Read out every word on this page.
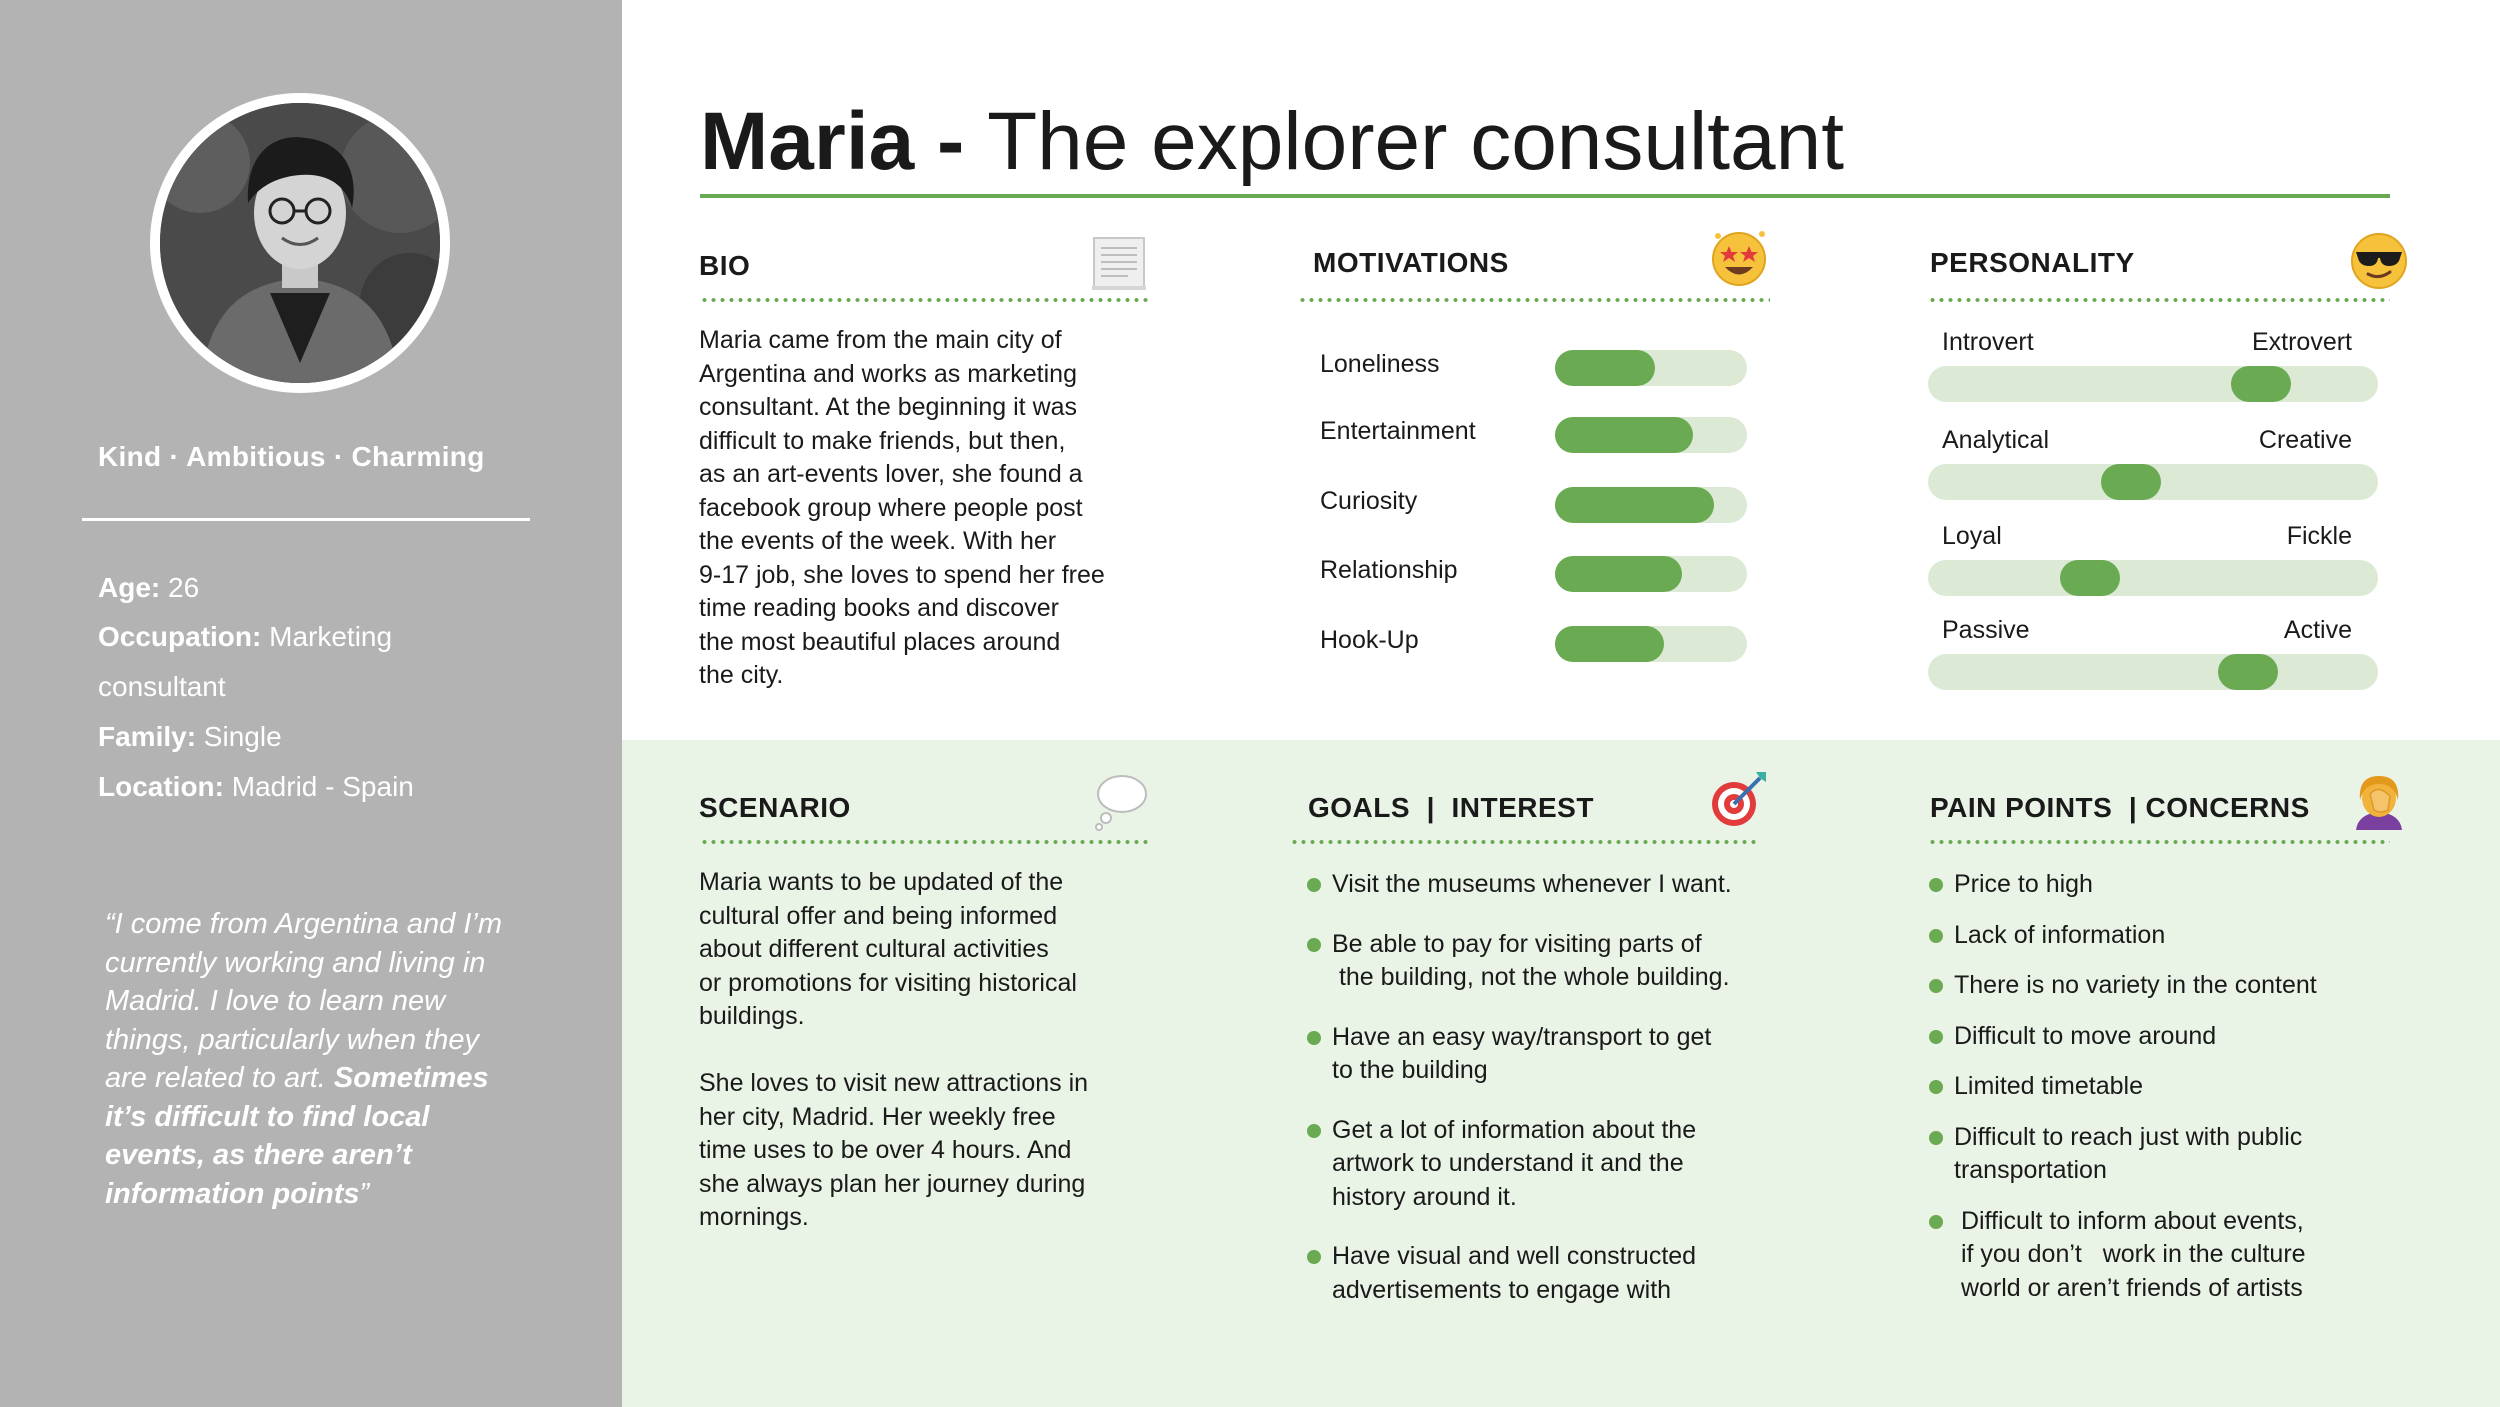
Kind · Ambitious · Charming
Age: 26
Occupation: Marketing
consultant
Family: Single
Location: Madrid - Spain
“I come from Argentina and I’m currently working and living in Madrid. I love to learn new things, particularly when they are related to art. Sometimes it’s difficult to find local events, as there aren’t information points”
Maria - The explorer consultant
BIO
Maria came from the main city of
Argentina and works as marketing
consultant. At the beginning it was
difficult to make friends, but then,
as an art-events lover, she found a
facebook group where people post
the events of the week. With her
9-17 job, she loves to spend her free
time reading books and discover
the most beautiful places around
the city.
MOTIVATIONS
Loneliness
Entertainment
Curiosity
Relationship
Hook-Up
PERSONALITY
Introvert	Extrovert
Analytical	Creative
Loyal	Fickle
Passive	Active
SCENARIO
Maria wants to be updated of the
cultural offer and being informed
about different cultural activities
or promotions for visiting historical
buildings.
She loves to visit new attractions in
her city, Madrid. Her weekly free
time uses to be over 4 hours. And
she always plan her journey during
mornings.
GOALS  |  INTEREST
Visit the museums whenever I want.
Be able to pay for visiting parts of
the building, not the whole building.
Have an easy way/transport to get
to the building
Get a lot of information about the
artwork to understand it and the
history around it.
Have visual and well constructed
advertisements to engage with
PAIN POINTS  | CONCERNS
Price to high
Lack of information
There is no variety in the content
Difficult to move around
Limited timetable
Difficult to reach just with public
transportation
Difficult to inform about events,
if you don’t   work in the culture
world or aren’t friends of artists
